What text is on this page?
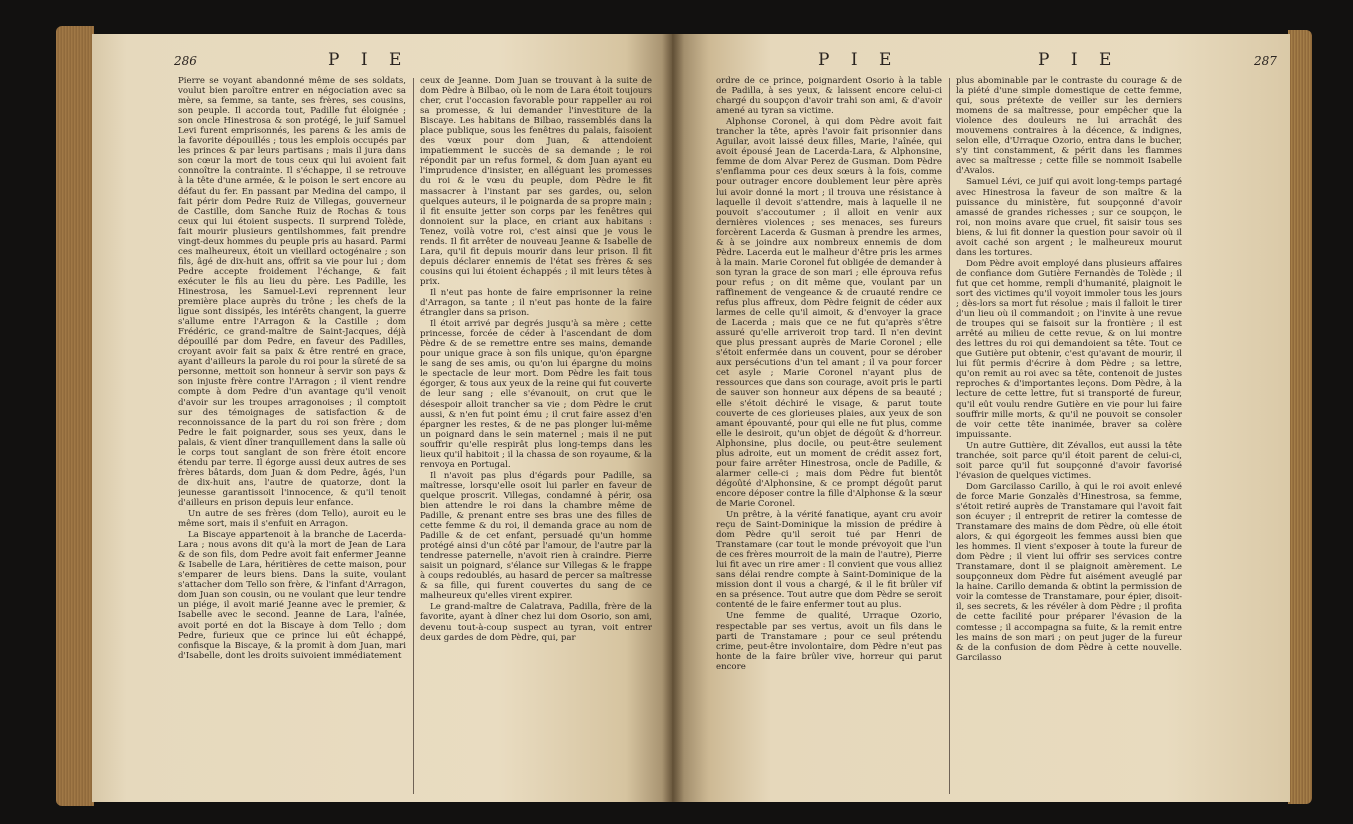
286	P I E

Pierre se voyant abandonné même de ses soldats, voulut bien paroître entrer en négociation avec sa mère, sa femme, sa tante, ses frères, ses cousins, son peuple. Il accorda tout, Padille fut éloignée ; son oncle Hinestrosa & son protégé, le juif Samuel Levi furent emprisonnés, les parens & les amis de la favorite dépouillés ; tous les emplois occupés par les princes & par leurs partisans ; mais il jura dans son cœur la mort de tous ceux qui lui avoient fait connoître la contrainte. Il s'échappe, il se retrouve à la tête d'une armée, & le poison le sert encore au défaut du fer. En passant par Medina del campo, il fait périr dom Pedre Ruiz de Villegas, gouverneur de Castille, dom Sanche Ruiz de Rochas & tous ceux qui lui étoient suspects. Il surprend Tolède, fait mourir plusieurs gentilshommes, fait prendre vingt-deux hommes du peuple pris au hasard. Parmi ces malheureux, étoit un vieillard octogénaire ; son fils, âgé de dix-huit ans, offrit sa vie pour lui ; dom Pedre accepte froidement l'échange, & fait exécuter le fils au lieu du père. Les Padille, les Hinestrosa, les Samuel-Levi reprennent leur première place auprès du trône ; les chefs de la ligue sont dissipés, les intérêts changent, la guerre s'allume entre l'Arragon & la Castille ; dom Frédéric, ce grand-maître de Saint-Jacques, déjà dépouillé par dom Pedre, en faveur des Padilles, croyant avoir fait sa paix & être rentré en grace, ayant d'ailleurs la parole du roi pour la sûreté de sa personne, mettoit son honneur à servir son pays & son injuste frère contre l'Arragon ; il vient rendre compte à dom Pedre d'un avantage qu'il venoit d'avoir sur les troupes arragonoises ; il comptoit sur des témoignages de satisfaction & de reconnoissance de la part du roi son frère ; dom Pedre le fait poignarder, sous ses yeux, dans le palais, & vient dîner tranquillement dans la salle où le corps tout sanglant de son frère étoit encore étendu par terre. Il égorge aussi deux autres de ses frères bâtards, dom Juan & dom Pedre, âgés, l'un de dix-huit ans, l'autre de quatorze, dont la jeunesse garantissoit l'innocence, & qu'il tenoit d'ailleurs en prison depuis leur enfance.

Un autre de ses frères (dom Tello), auroit eu le même sort, mais il s'enfuit en Arragon.

La Biscaye appartenoit à la branche de Lacerda-Lara ; nous avons dit qu'à la mort de Jean de Lara & de son fils, dom Pedre avoit fait enfermer Jeanne & Isabelle de Lara, héritières de cette maison, pour s'emparer de leurs biens. Dans la suite, voulant s'attacher dom Tello son frère, & l'infant d'Arragon, dom Juan son cousin, ou ne voulant que leur tendre un piége, il avoit marié Jeanne avec le premier, & Isabelle avec le second. Jeanne de Lara, l'aînée, avoit porté en dot la Biscaye à dom Tello ; dom Pedre, furieux que ce prince lui eût échappé, confisque la Biscaye, & la promit à dom Juan, mari d'Isabelle, dont les droits suivoient immédiatement

ceux de Jeanne. Dom Juan se trouvant à la suite de dom Pèdre à Bilbao, où le nom de Lara étoit toujours cher, crut l'occasion favorable pour rappeller au roi sa promesse, & lui demander l'investiture de la Biscaye. Les habitans de Bilbao, rassemblés dans la place publique, sous les fenêtres du palais, faisoient des vœux pour dom Juan, & attendoient impatiemment le succès de sa demande ; le roi répondit par un refus formel, & dom Juan ayant eu l'imprudence d'insister, en alléguant les promesses du roi & le vœu du peuple, dom Pèdre le fit massacrer à l'instant par ses gardes, ou, selon quelques auteurs, il le poignarda de sa propre main ; il fit ensuite jetter son corps par les fenêtres qui donnoient sur la place, en criant aux habitans : Tenez, voilà votre roi, c'est ainsi que je vous le rends. Il fit arrêter de nouveau Jeanne & Isabelle de Lara, qu'il fit depuis mourir dans leur prison. Il fit depuis déclarer ennemis de l'état ses frères & ses cousins qui lui étoient échappés ; il mit leurs têtes à prix.

Il n'eut pas honte de faire emprisonner la reine d'Arragon, sa tante ; il n'eut pas honte de la faire étrangler dans sa prison.

Il étoit arrivé par degrés jusqu'à sa mère ; cette princesse, forcée de céder à l'ascendant de dom Pèdre & de se remettre entre ses mains, demande pour unique grace à son fils unique, qu'on épargne le sang de ses amis, ou qu'on lui épargne du moins le spectacle de leur mort. Dom Pèdre les fait tous égorger, & tous aux yeux de la reine qui fut couverte de leur sang ; elle s'évanouit, on crut que le désespoir alloit trancher sa vie ; dom Pèdre le crut aussi, & n'en fut point ému ; il crut faire assez d'en épargner les restes, & de ne pas plonger lui-même un poignard dans le sein maternel ; mais il ne put souffrir qu'elle respirât plus long-temps dans les lieux qu'il habitoit ; il la chassa de son royaume, & la renvoya en Portugal.

Il n'avoit pas plus d'égards pour Padille, sa maîtresse, lorsqu'elle osoit lui parler en faveur de quelque proscrit. Villegas, condamné à périr, osa bien attendre le roi dans la chambre même de Padille, & prenant entre ses bras une des filles de cette femme & du roi, il demanda grace au nom de Padille & de cet enfant, persuadé qu'un homme protégé ainsi d'un côté par l'amour, de l'autre par la tendresse paternelle, n'avoit rien à craindre. Pierre saisit un poignard, s'élance sur Villegas & le frappe à coups redoublés, au hasard de percer sa maîtresse & sa fille, qui furent couvertes du sang de ce malheureux qu'elles virent expirer.

Le grand-maître de Calatrava, Padilla, frère de la favorite, ayant à dîner chez lui dom Osorio, son ami, devenu tout-à-coup suspect au tyran, voit entrer deux gardes de dom Pèdre, qui, par

P I E	P I E	287

ordre de ce prince, poignardent Osorio à la table de Padilla, à ses yeux, & laissent encore celui-ci chargé du soupçon d'avoir trahi son ami, & d'avoir amené au tyran sa victime.

Alphonse Coronel, à qui dom Pèdre avoit fait trancher la tête, après l'avoir fait prisonnier dans Aguilar, avoit laissé deux filles, Marie, l'aînée, qui avoit épousé Jean de Lacerda-Lara, & Alphonsine, femme de dom Alvar Perez de Gusman. Dom Pèdre s'enflamma pour ces deux sœurs à la fois, comme pour outrager encore doublement leur père après lui avoir donné la mort ; il trouva une résistance à laquelle il devoit s'attendre, mais à laquelle il ne pouvoit s'accoutumer ; il alloit en venir aux dernières violences ; ses menaces, ses fureurs forcèrent Lacerda & Gusman à prendre les armes, & à se joindre aux nombreux ennemis de dom Pèdre. Lacerda eut le malheur d'être pris les armes à la main. Marie Coronel fut obligée de demander à son tyran la grace de son mari ; elle éprouva refus pour refus ; on dit même que, voulant par un raffinement de vengeance & de cruauté rendre ce refus plus affreux, dom Pèdre feignit de céder aux larmes de celle qu'il aimoit, & d'envoyer la grace de Lacerda ; mais que ce ne fut qu'après s'être assuré qu'elle arriveroit trop tard. Il n'en devint que plus pressant auprès de Marie Coronel ; elle s'étoit enfermée dans un couvent, pour se dérober aux persécutions d'un tel amant ; il va pour forcer cet asyle ; Marie Coronel n'ayant plus de ressources que dans son courage, avoit pris le parti de sauver son honneur aux dépens de sa beauté ; elle s'étoit déchiré le visage, & parut toute couverte de ces glorieuses plaies, aux yeux de son amant épouvanté, pour qui elle ne fut plus, comme elle le desiroit, qu'un objet de dégoût & d'horreur. Alphonsine, plus docile, ou peut-être seulement plus adroite, eut un moment de crédit assez fort, pour faire arrêter Hinestrosa, oncle de Padille, & alarmer celle-ci ; mais dom Pèdre fut bientôt dégoûté d'Alphonsine, & ce prompt dégoût parut encore déposer contre la fille d'Alphonse & la sœur de Marie Coronel.

Un prêtre, à la vérité fanatique, ayant cru avoir reçu de Saint-Dominique la mission de prédire à dom Pèdre qu'il seroit tué par Henri de Transtamare (car tout le monde prévoyoit que l'un de ces frères mourroit de la main de l'autre), Pierre lui fit avec un rire amer : Il convient que vous alliez sans délai rendre compte à Saint-Dominique de la mission dont il vous a chargé, & il le fit brûler vif en sa présence. Tout autre que dom Pèdre se seroit contenté de le faire enfermer tout au plus.

Une femme de qualité, Urraque Ozorio, respectable par ses vertus, avoit un fils dans le parti de Transtamare ; pour ce seul prétendu crime, peut-être involontaire, dom Pèdre n'eut pas honte de la faire brûler vive, horreur qui parut encore

plus abominable par le contraste du courage & de la piété d'une simple domestique de cette femme, qui, sous prétexte de veiller sur les derniers momens de sa maîtresse, pour empêcher que la violence des douleurs ne lui arrachât des mouvemens contraires à la décence, & indignes, selon elle, d'Urraque Ozorio, entra dans le bucher, s'y tint constamment, & périt dans les flammes avec sa maîtresse ; cette fille se nommoit Isabelle d'Avalos.

Samuel Lévi, ce juif qui avoit long-temps partagé avec Hinestrosa la faveur de son maître & la puissance du ministère, fut soupçonné d'avoir amassé de grandes richesses ; sur ce soupçon, le roi, non moins avare que cruel, fit saisir tous ses biens, & lui fit donner la question pour savoir où il avoit caché son argent ; le malheureux mourut dans les tortures.

Dom Pèdre avoit employé dans plusieurs affaires de confiance dom Gutière Fernandès de Tolède ; il fut que cet homme, rempli d'humanité, plaignoit le sort des victimes qu'il voyoit immoler tous les jours ; dès-lors sa mort fut résolue ; mais il falloit le tirer d'un lieu où il commandoit ; on l'invite à une revue de troupes qui se faisoit sur la frontière ; il est arrêté au milieu de cette revue, & on lui montre des lettres du roi qui demandoient sa tête. Tout ce que Gutière put obtenir, c'est qu'avant de mourir, il lui fût permis d'écrire à dom Pèdre ; sa lettre, qu'on remit au roi avec sa tête, contenoit de justes reproches & d'importantes leçons. Dom Pèdre, à la lecture de cette lettre, fut si transporté de fureur, qu'il eût voulu rendre Gutière en vie pour lui faire souffrir mille morts, & qu'il ne pouvoit se consoler de voir cette tête inanimée, braver sa colère impuissante.

Un autre Guttière, dit Zévallos, eut aussi la tête tranchée, soit parce qu'il étoit parent de celui-ci, soit parce qu'il fut soupçonné d'avoir favorisé l'évasion de quelques victimes.

Dom Garcilasso Carillo, à qui le roi avoit enlevé de force Marie Gonzalès d'Hinestrosa, sa femme, s'étoit retiré auprès de Transtamare qui l'avoit fait son écuyer ; il entreprit de retirer la comtesse de Transtamare des mains de dom Pèdre, où elle étoit alors, & qui égorgeoit les femmes aussi bien que les hommes. Il vient s'exposer à toute la fureur de dom Pèdre ; il vient lui offrir ses services contre Transtamare, dont il se plaignoit amèrement. Le soupçonneux dom Pèdre fut aisément aveuglé par la haine. Carillo demanda & obtint la permission de voir la comtesse de Transtamare, pour épier, disoit-il, ses secrets, & les révéler à dom Pèdre ; il profita de cette facilité pour préparer l'évasion de la comtesse ; il accompagna sa fuite, & la remit entre les mains de son mari ; on peut juger de la fureur & de la confusion de dom Pèdre à cette nouvelle. Garcilasso
